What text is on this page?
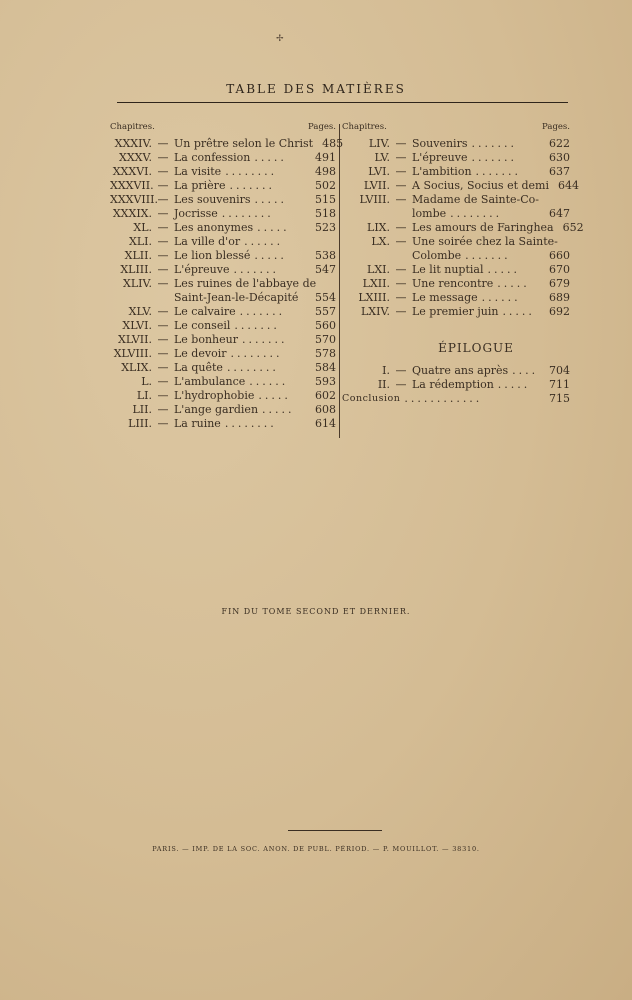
✢
TABLE DES MATIÈRES
Chapitres.	Pages.
XXXIV. — Un prêtre selon le Christ 485
XXXV. — La confession .....	491
XXXVI. — La visite ........	498
XXXVII. — La prière .......	502
XXXVIII. — Les souvenirs .....	515
XXXIX. — Jocrisse ........	518
XL. — Les anonymes .....	523
XLI. — La ville d'or ......
XLII. — Le lion blessé .....	538
XLIII. — L'épreuve .......	547
XLIV. — Les ruines de l'abbaye de
Saint-Jean-le-Décapité	554
XLV. — Le calvaire .......	557
XLVI. — Le conseil .......	560
XLVII. — Le bonheur .......	570
XLVIII. — Le devoir ........	578
XLIX. — La quête ........	584
L. — L'ambulance ......	593
LI. — L'hydrophobie .....	602
LII. — L'ange gardien .....	608
LIII. — La ruine ........	614
Chapitres.	Pages.
LIV. — Souvenirs .......	622
LV. — L'épreuve .......	630
LVI. — L'ambition .......	637
LVII. — A Socius, Socius et demi 644
LVIII. — Madame de Sainte-Co-
lombe ........	647
LIX. — Les amours de Faringhea 652
LX. — Une soirée chez la Sainte-
Colombe .......	660
LXI. — Le lit nuptial .....	670
LXII. — Une rencontre .....	679
LXIII. — Le message ......	689
LXIV. — Le premier juin .....	692
ÉPILOGUE
I. — Quatre ans après .... 704
II. — La rédemption .....	711
Conclusion ............	715
FIN DU TOME SECOND ET DERNIER.
PARIS. — IMP. DE LA SOC. ANON. DE PUBL. PÉRIOD. — P. MOUILLOT. — 38310.
